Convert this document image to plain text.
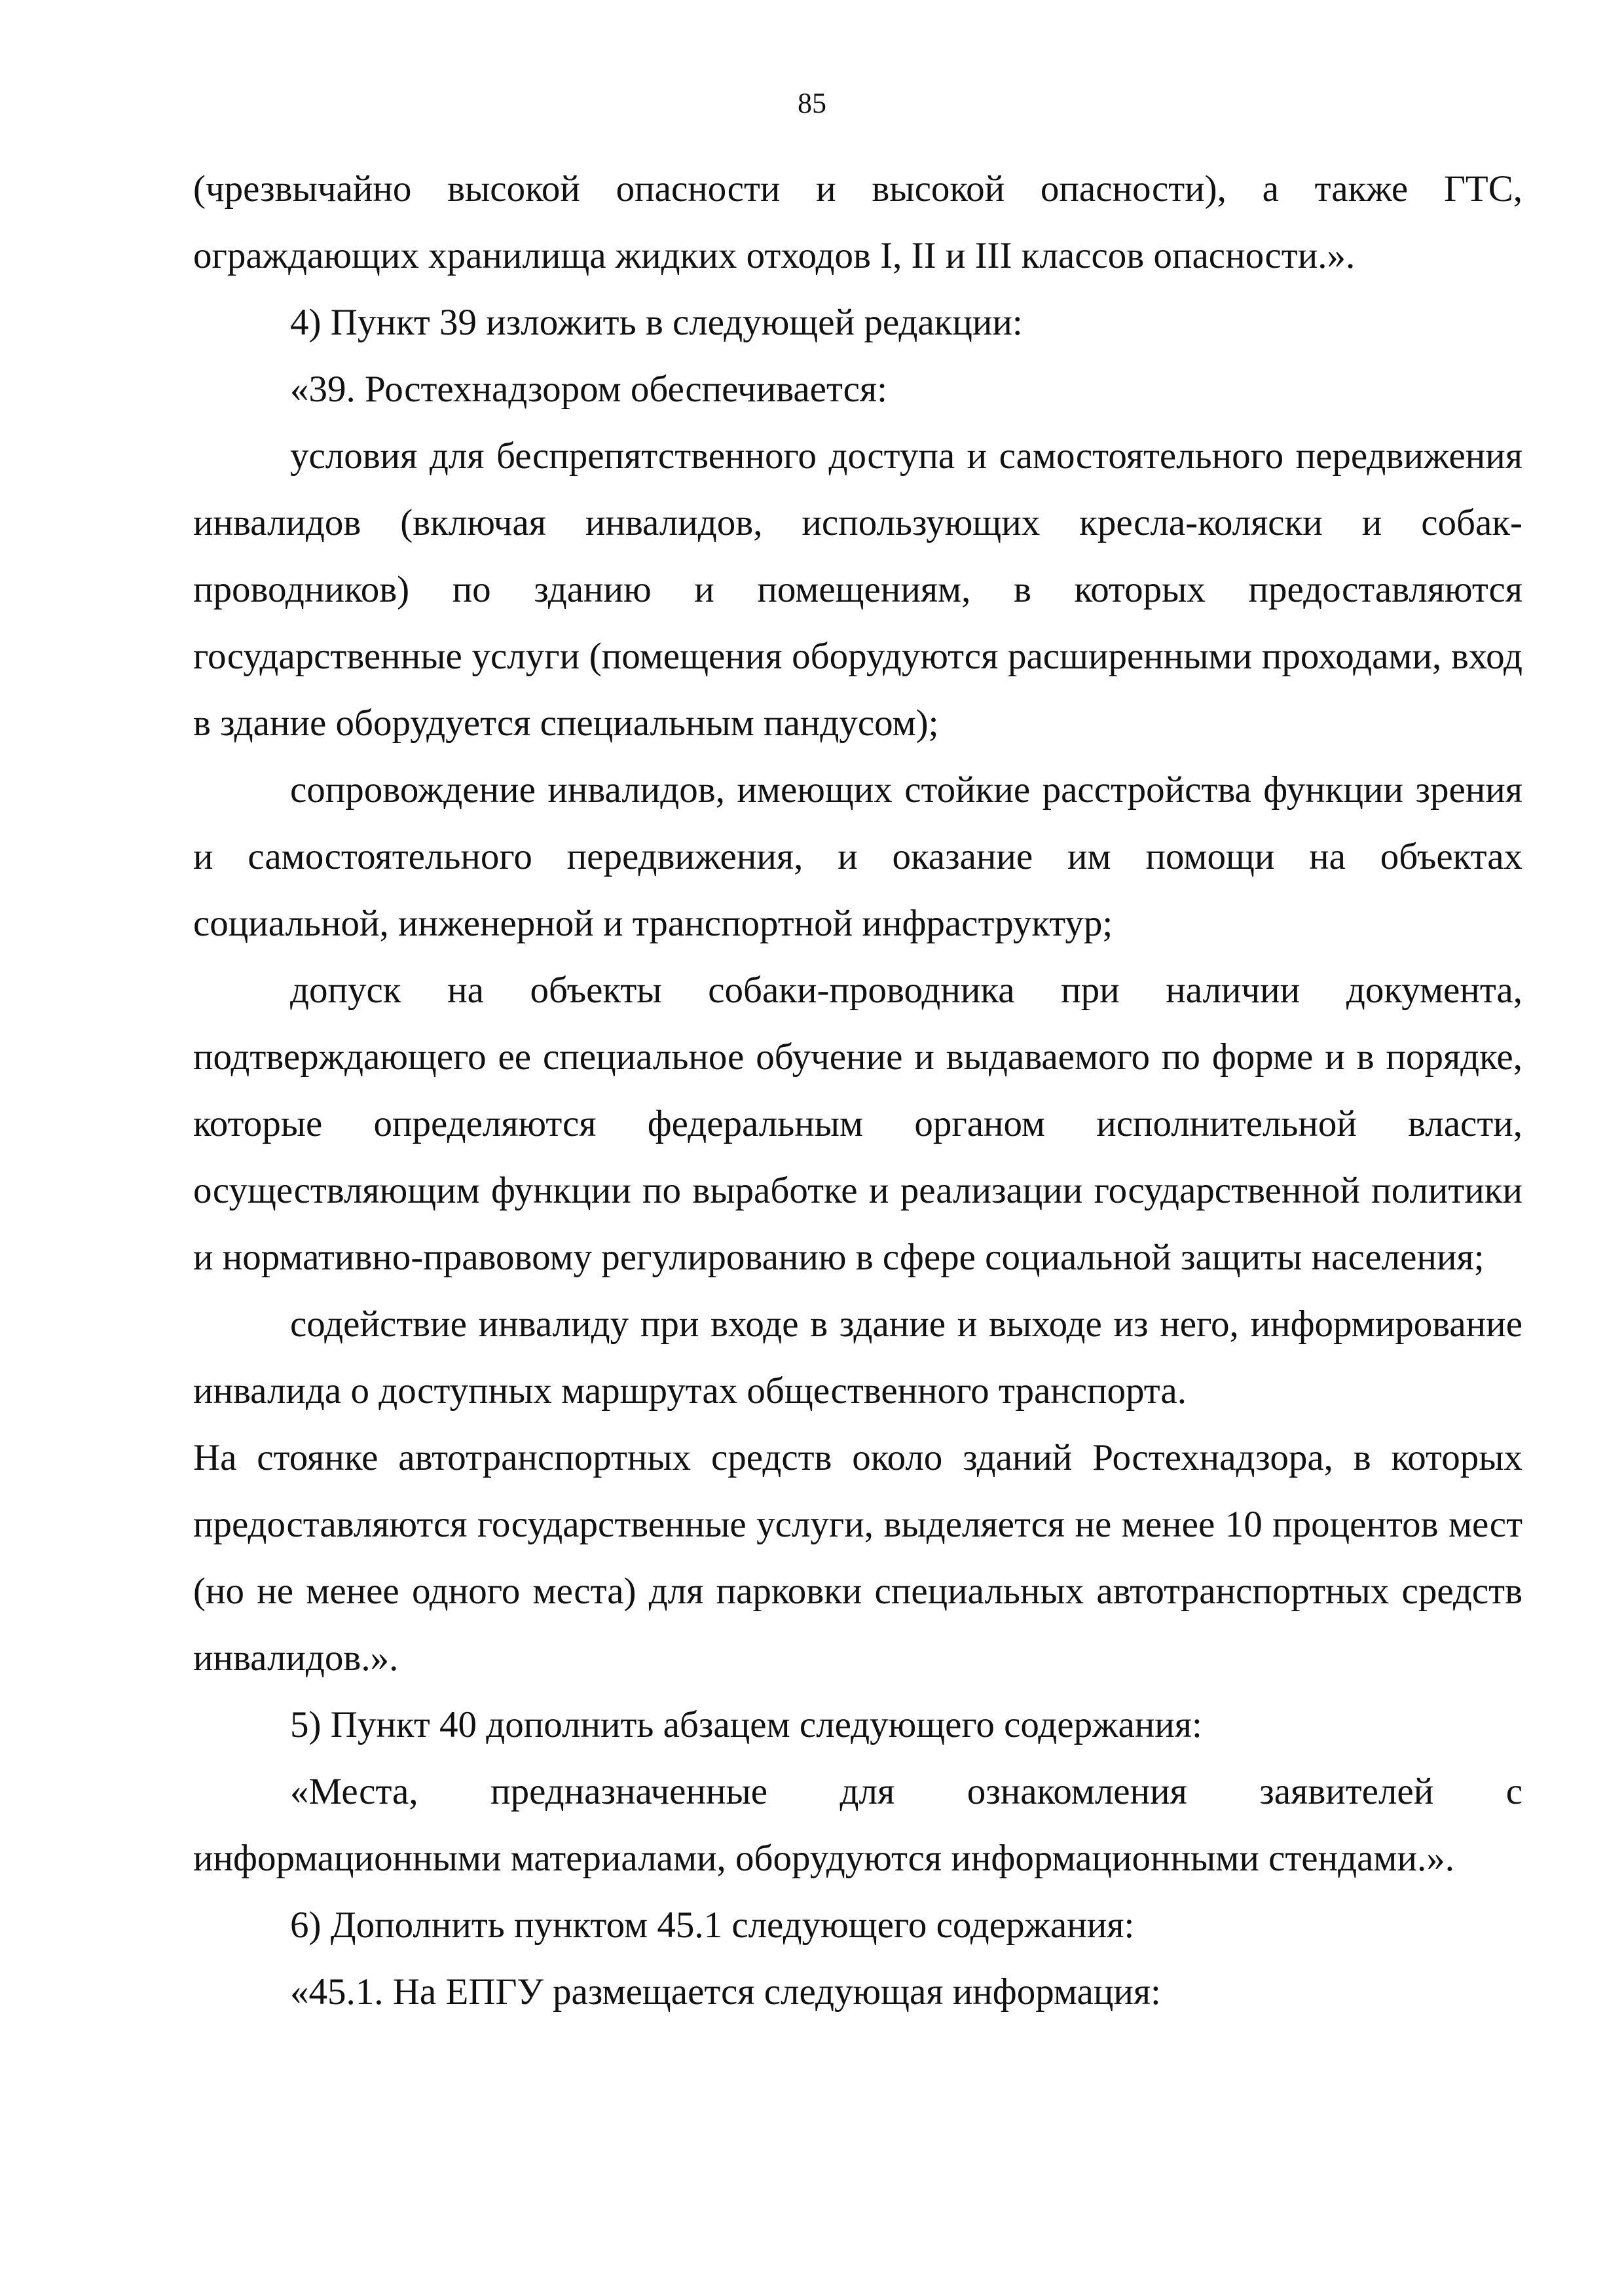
85

(чрезвычайно высокой опасности и высокой опасности), а также ГТС, ограждающих хранилища жидких отходов I, II и III классов опасности.».

4) Пункт 39 изложить в следующей редакции:

«39. Ростехнадзором обеспечивается:

условия для беспрепятственного доступа и самостоятельного передвижения инвалидов (включая инвалидов, использующих кресла-коляски и собак-проводников) по зданию и помещениям, в которых предоставляются государственные услуги (помещения оборудуются расширенными проходами, вход в здание оборудуется специальным пандусом);

сопровождение инвалидов, имеющих стойкие расстройства функции зрения и самостоятельного передвижения, и оказание им помощи на объектах социальной, инженерной и транспортной инфраструктур;

допуск на объекты собаки-проводника при наличии документа, подтверждающего ее специальное обучение и выдаваемого по форме и в порядке, которые определяются федеральным органом исполнительной власти, осуществляющим функции по выработке и реализации государственной политики и нормативно-правовому регулированию в сфере социальной защиты населения;

содействие инвалиду при входе в здание и выходе из него, информирование инвалида о доступных маршрутах общественного транспорта.

На стоянке автотранспортных средств около зданий Ростехнадзора, в которых предоставляются государственные услуги, выделяется не менее 10 процентов мест (но не менее одного места) для парковки специальных автотранспортных средств инвалидов.».

5) Пункт 40 дополнить абзацем следующего содержания:

«Места, предназначенные для ознакомления заявителей с информационными материалами, оборудуются информационными стендами.».

6) Дополнить пунктом 45.1 следующего содержания:

«45.1. На ЕПГУ размещается следующая информация:
